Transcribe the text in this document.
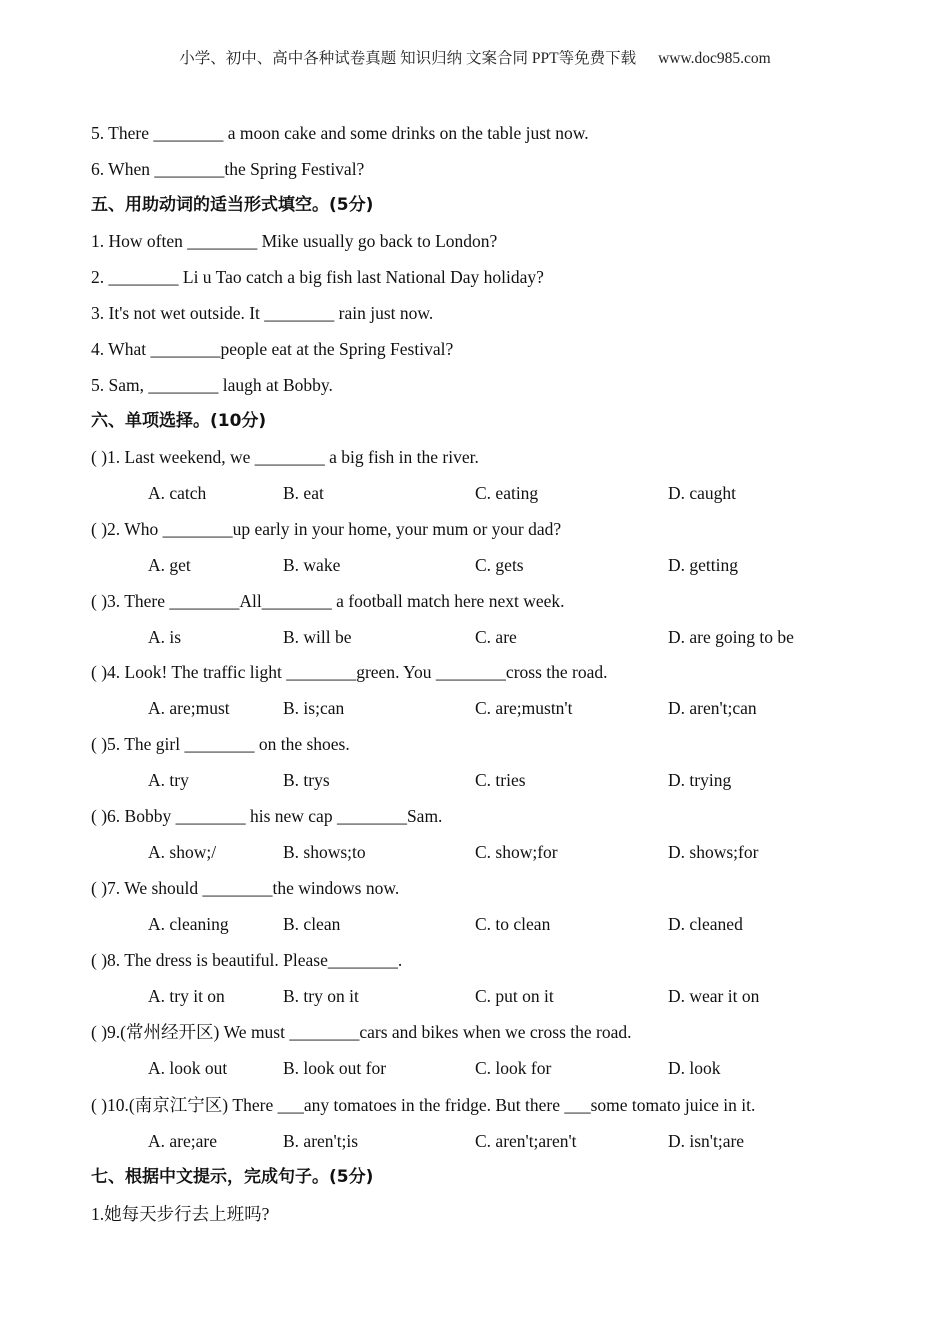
小学、初中、高中各种试卷真题 知识归纳 文案合同 PPT等免费下载 www.doc985.com
5. There ________ a moon cake and some drinks on the table just now.
6. When ________the Spring Festival?
五、用助动词的适当形式填空。(5分)
1. How often ________ Mike usually go back to London?
2. ________ Li u Tao catch a big fish last National Day holiday?
3. It's not wet outside. It ________ rain just now.
4. What ________people eat at the Spring Festival?
5. Sam, ________ laugh at Bobby.
六、单项选择。(10分)
( )1. Last weekend, we ________ a big fish in the river.
A. catch	B. eat	C. eating	D. caught
( )2. Who ________up early in your home, your mum or your dad?
A. get	B. wake	C. gets	D. getting
( )3. There ________All________ a football match here next week.
A. is	B. will be	C. are	D. are going to be
( )4. Look! The traffic light ________green. You ________cross the road.
A. are;must	B. is;can	C. are;mustn't	D. aren't;can
( )5. The girl ________ on the shoes.
A. try	B. trys	C. tries	D. trying
( )6. Bobby ________ his new cap ________Sam.
A. show;/	B. shows;to	C. show;for	D. shows;for
( )7. We should ________the windows now.
A. cleaning	B. clean	C. to clean	D. cleaned
( )8. The dress is beautiful. Please________.
A. try it on	B. try on it	C. put on it	D. wear it on
( )9.(常州经开区) We must ________cars and bikes when we cross the road.
A. look out	B. look out for	C. look for	D. look
( )10.(南京江宁区) There ___any tomatoes in the fridge. But there ___some tomato juice in it.
A. are;are	B. aren't;is	C. aren't;aren't	D. isn't;are
七、根据中文提示，完成句子。(5分)
1.她每天步行去上班吗?
